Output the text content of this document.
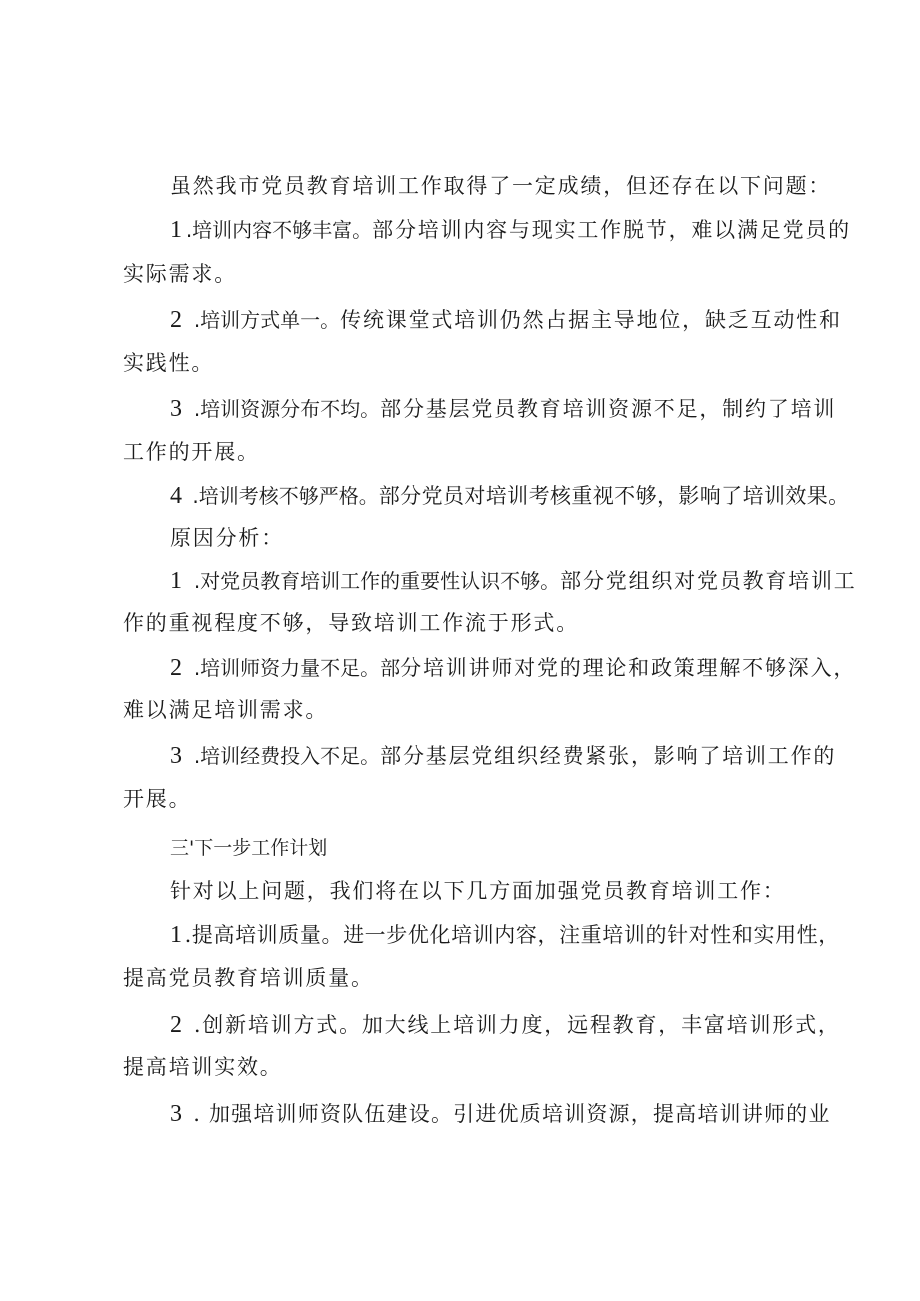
虽然我市党员教育培训工作取得了一定成绩，但还存在以下问题：
1 .培训内容不够丰富。部分培训内容与现实工作脱节，难以满足党员的
实际需求。
2 .培训方式单一。传统课堂式培训仍然占据主导地位，缺乏互动性和
实践性。
3 .培训资源分布不均。部分基层党员教育培训资源不足，制约了培训
工作的开展。
4 .培训考核不够严格。部分党员对培训考核重视不够，影响了培训效果。
原因分析：
1 .对党员教育培训工作的重要性认识不够。部分党组织对党员教育培训工
作的重视程度不够，导致培训工作流于形式。
2 .培训师资力量不足。部分培训讲师对党的理论和政策理解不够深入，
难以满足培训需求。
3 .培训经费投入不足。部分基层党组织经费紧张，影响了培训工作的
开展。
三'下一步工作计划
针对以上问题，我们将在以下几方面加强党员教育培训工作：
1.提高培训质量。进一步优化培训内容，注重培训的针对性和实用性，
提高党员教育培训质量。
2 .创新培训方式。加大线上培训力度，远程教育，丰富培训形式，
提高培训实效。
3 . 加强培训师资队伍建设。引进优质培训资源，提高培训讲师的业
